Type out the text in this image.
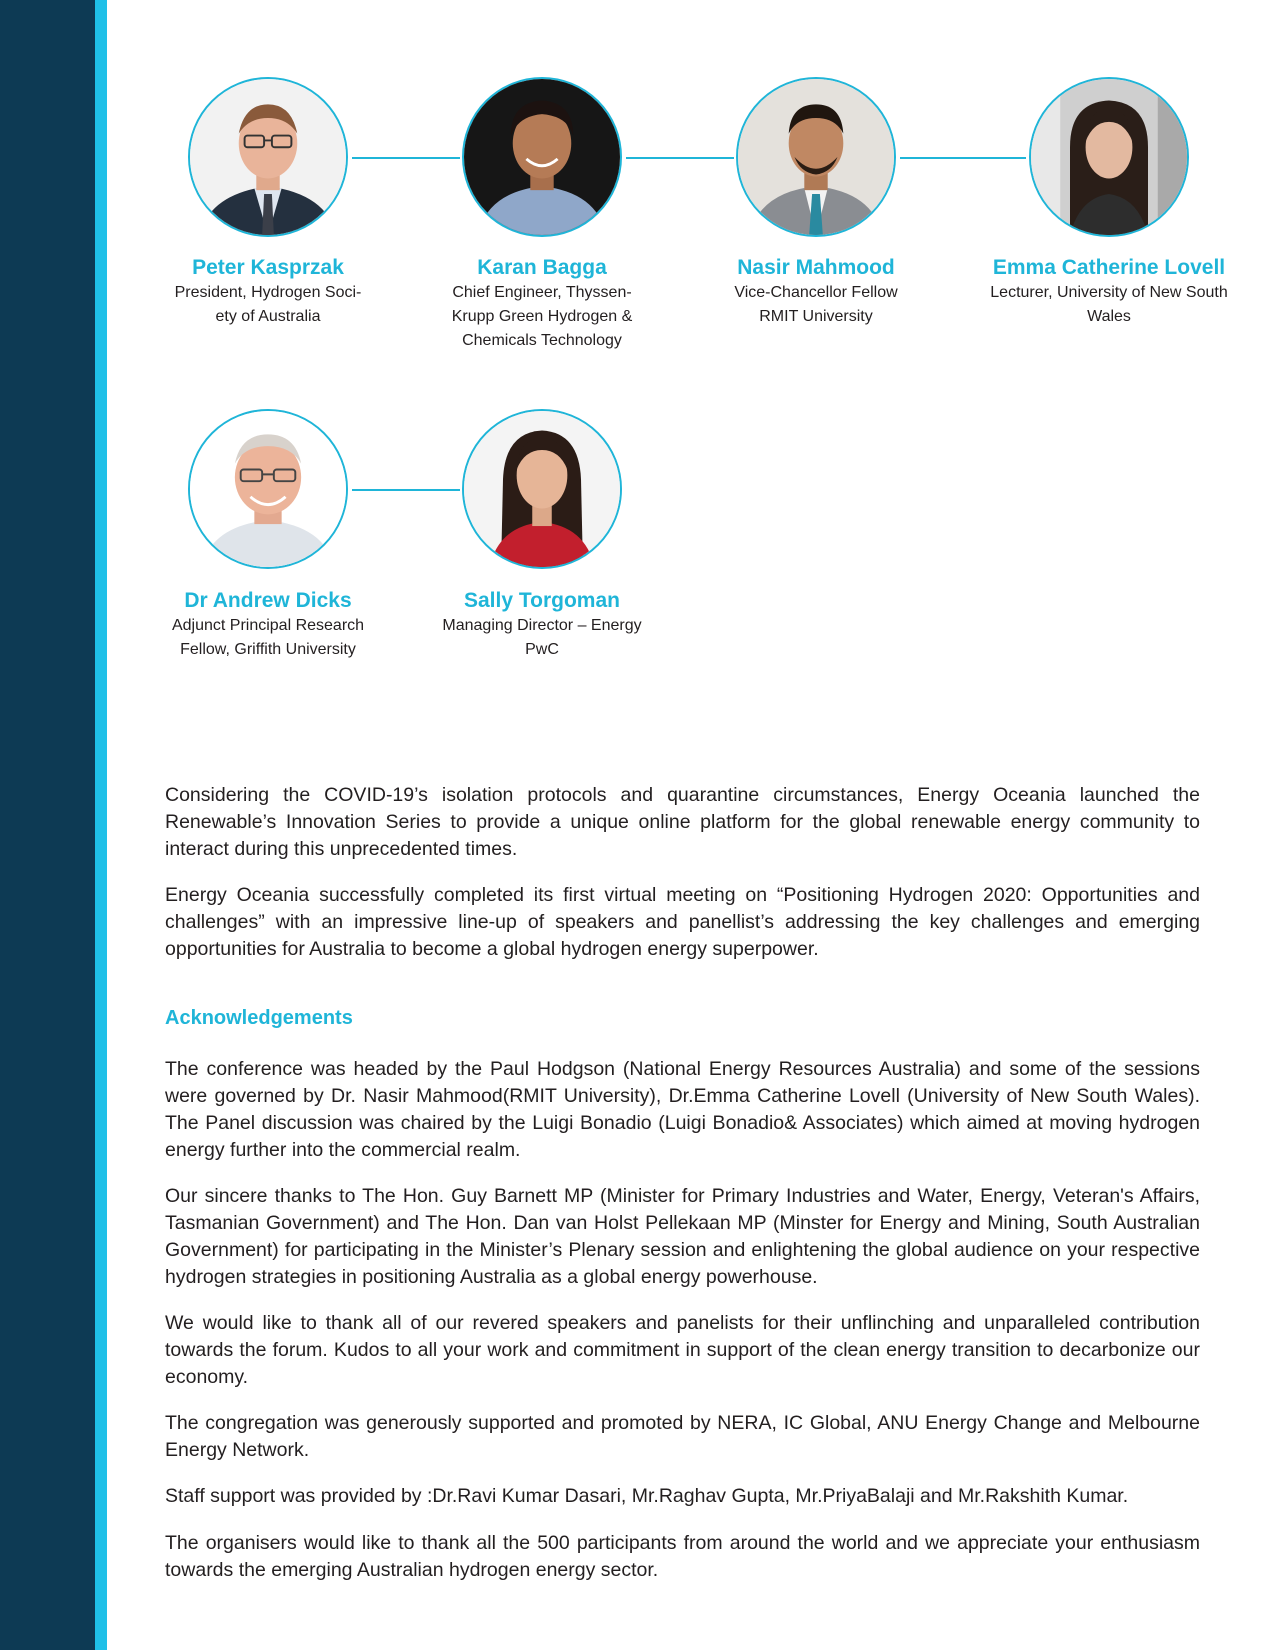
Peter Kasprzak
President, Hydrogen Soci- ety of Australia
Karan Bagga
Chief Engineer, Thyssen- Krupp Green Hydrogen & Chemicals Technology
Nasir Mahmood
Vice-Chancellor Fellow RMIT University
Emma Catherine Lovell
Lecturer, University of New South Wales
Dr Andrew Dicks
Adjunct Principal Research Fellow, Griffith University
Sally Torgoman
Managing Director – Energy PwC

Considering the COVID-19’s isolation protocols and quarantine circumstances, Energy Oceania launched the Renewable’s Innovation Series to provide a unique online platform for the global renewable energy community to interact during this unprecedented times.

Energy Oceania successfully completed its first virtual meeting on “Positioning Hydrogen 2020: Opportunities and challenges” with an impressive line-up of speakers and panellist’s addressing the key challenges and emerging opportunities for Australia to become a global hydrogen energy superpower.

Acknowledgements

The conference was headed by the Paul Hodgson (National Energy Resources Australia) and some of the sessions were governed by Dr. Nasir Mahmood(RMIT University), Dr.Emma Catherine Lovell (University of New South Wales). The Panel discussion was chaired by the Luigi Bonadio (Luigi Bonadio& Associates) which aimed at moving hydrogen energy further into the commercial realm.

Our sincere thanks to The Hon. Guy Barnett MP (Minister for Primary Industries and Water, Energy, Veteran's Affairs, Tasmanian Government) and The Hon. Dan van Holst Pellekaan MP (Minster for Energy and Mining, South Australian Government) for participating in the Minister’s Plenary session and enlightening the global audience on your respective hydrogen strategies in positioning Australia as a global energy powerhouse.

We would like to thank all of our revered speakers and panelists for their unflinching and unparalleled contribution towards the forum. Kudos to all your work and commitment in support of the clean energy transition to decarbonize our economy.

The congregation was generously supported and promoted by NERA, IC Global, ANU Energy Change and Melbourne Energy Network.

Staff support was provided by :Dr.Ravi Kumar Dasari, Mr.Raghav Gupta, Mr.PriyaBalaji and Mr.Rakshith Kumar.

The organisers would like to thank all the 500 participants from around the world and we appreciate your enthusiasm towards the emerging Australian hydrogen energy sector.
